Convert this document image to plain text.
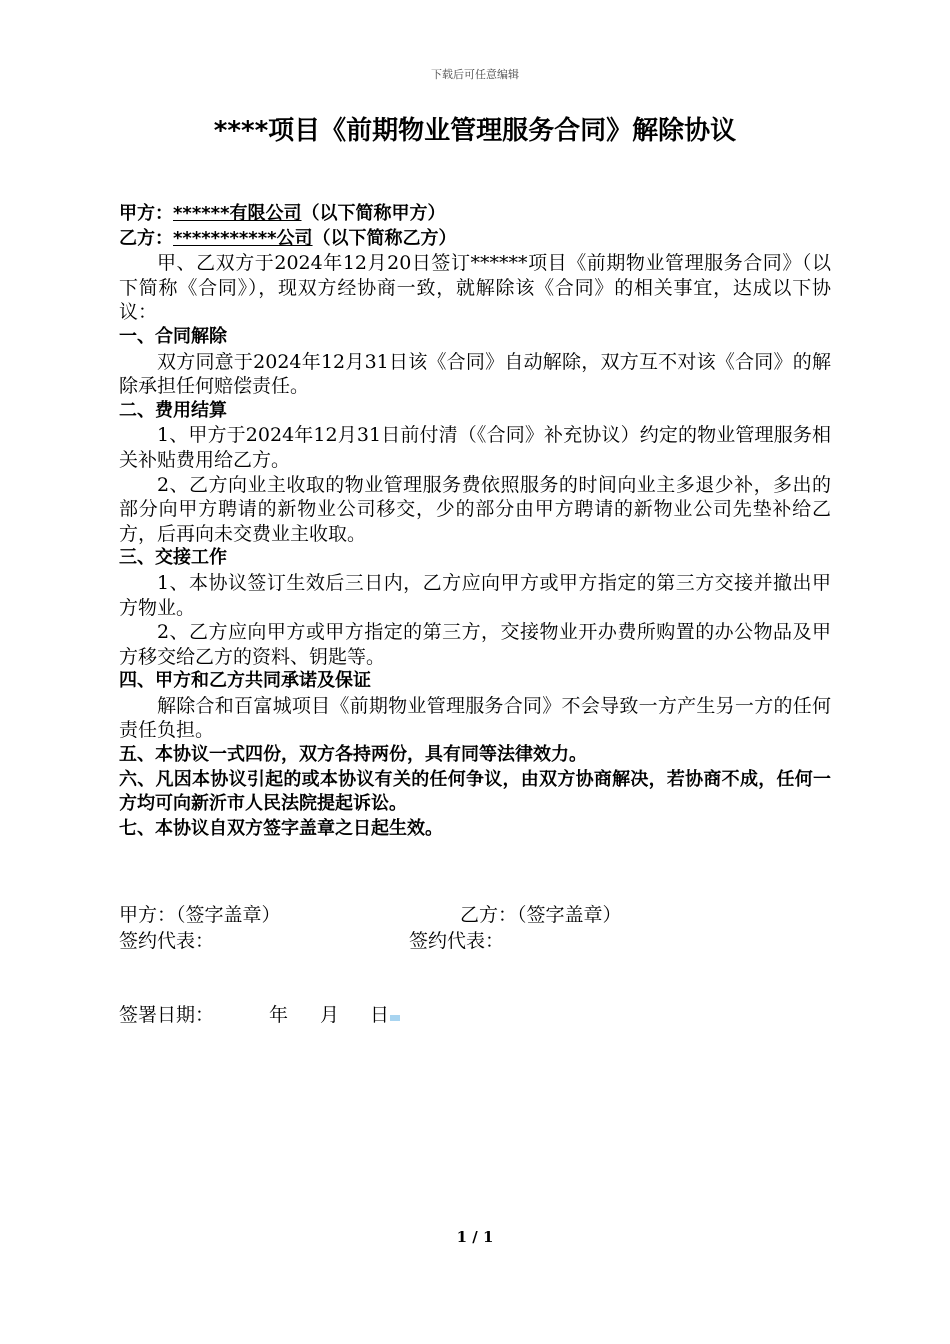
下载后可任意编辑
****项目《前期物业管理服务合同》解除协议
甲方：******有限公司（以下简称甲方）
乙方：***********公司（以下简称乙方）
甲、乙双方于2024年12月20日签订******项目《前期物业管理服务合同》（以下简称《合同》），现双方经协商一致，就解除该《合同》的相关事宜，达成以下协议：
一、合同解除
双方同意于2024年12月31日该《合同》自动解除，双方互不对该《合同》的解除承担任何赔偿责任。
二、费用结算
1、甲方于2024年12月31日前付清（《合同》补充协议）约定的物业管理服务相关补贴费用给乙方。
2、乙方向业主收取的物业管理服务费依照服务的时间向业主多退少补，多出的部分向甲方聘请的新物业公司移交，少的部分由甲方聘请的新物业公司先垫补给乙方，后再向未交费业主收取。
三、交接工作
1、本协议签订生效后三日内，乙方应向甲方或甲方指定的第三方交接并撤出甲方物业。
2、乙方应向甲方或甲方指定的第三方，交接物业开办费所购置的办公物品及甲方移交给乙方的资料、钥匙等。
四、甲方和乙方共同承诺及保证
解除合和百富城项目《前期物业管理服务合同》不会导致一方产生另一方的任何责任负担。
五、本协议一式四份，双方各持两份，具有同等法律效力。
六、凡因本协议引起的或本协议有关的任何争议，由双方协商解决，若协商不成，任何一方均可向新沂市人民法院提起诉讼。
七、本协议自双方签字盖章之日起生效。
甲方：（签字盖章）	乙方：（签字盖章）
签约代表：	签约代表：
签署日期：	年 月 日
1 / 1
